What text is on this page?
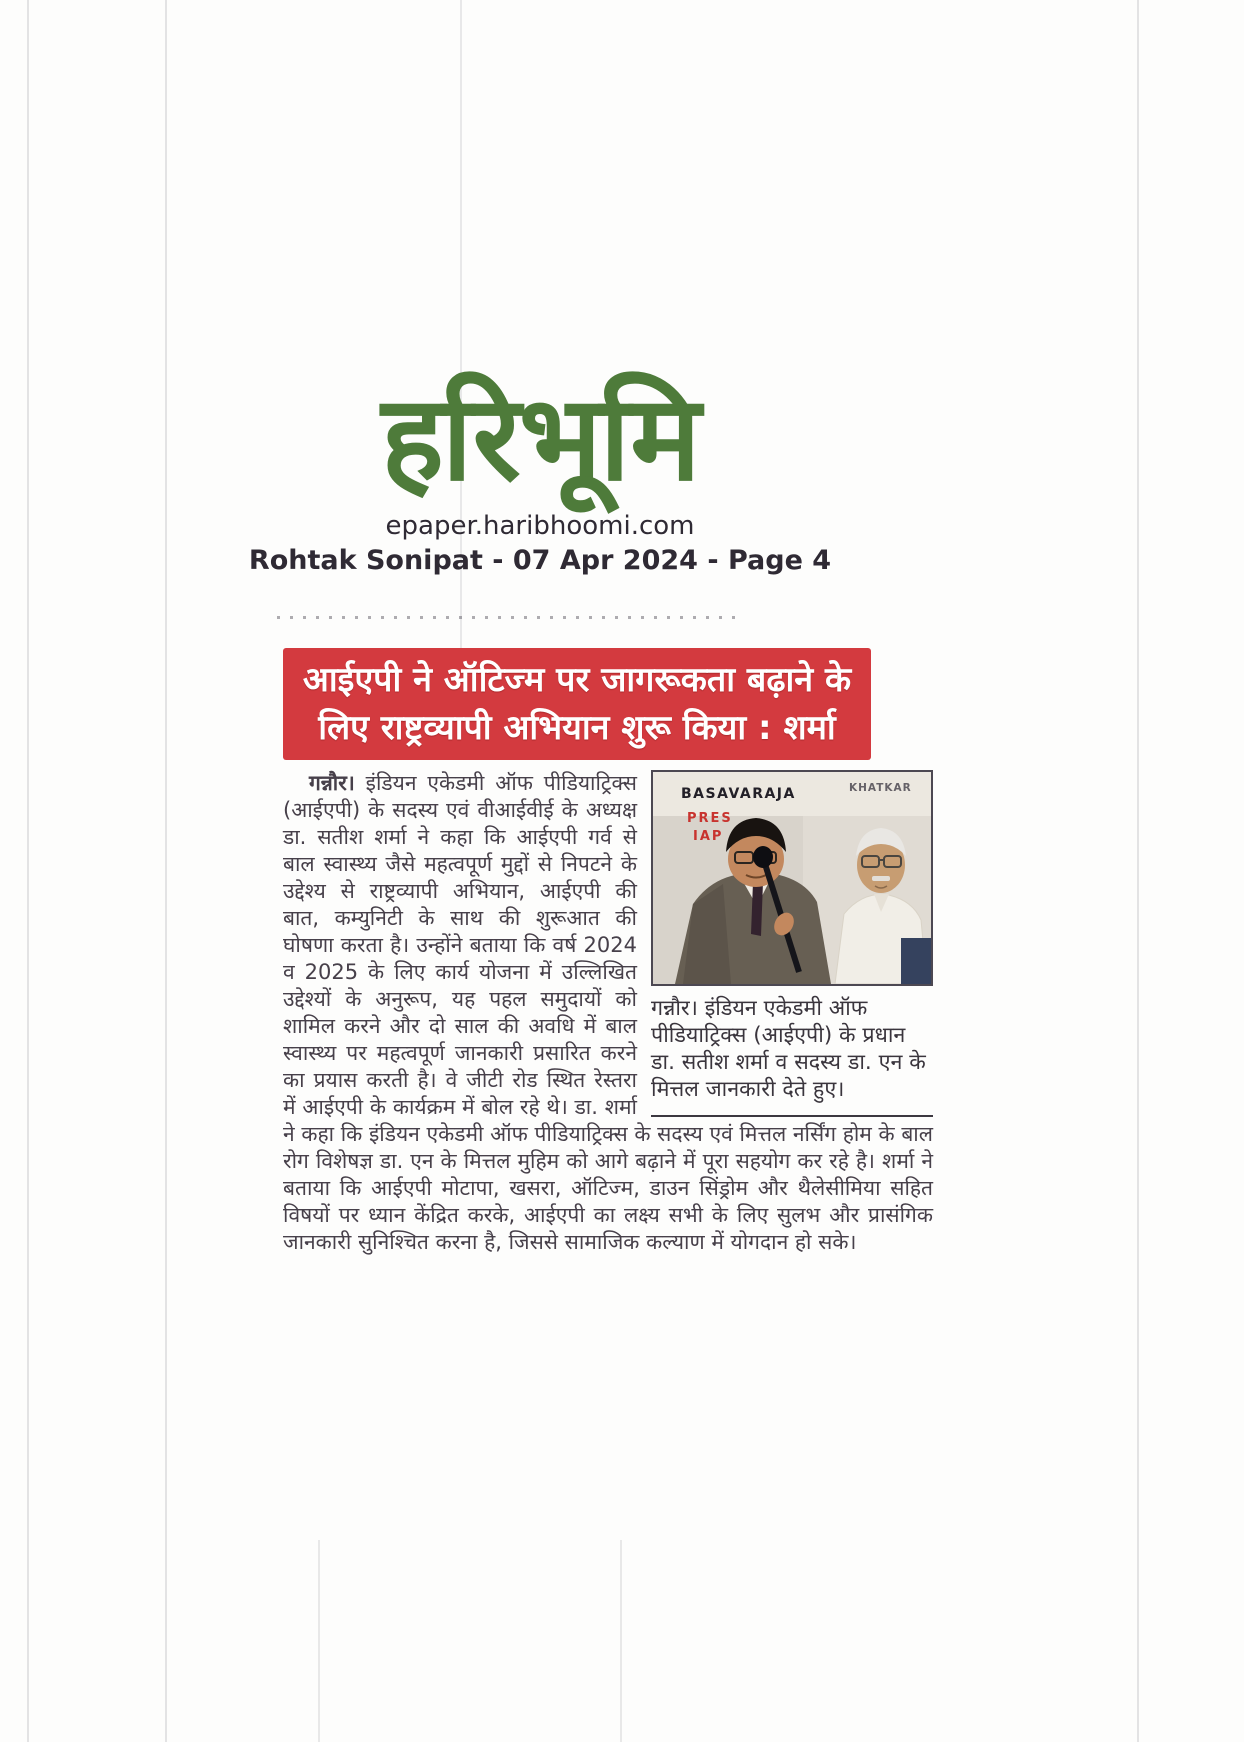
हरिभूमि
epaper.haribhoomi.com
Rohtak Sonipat - 07 Apr 2024 - Page 4
आईएपी ने ऑटिज्म पर जागरूकता बढ़ाने के
लिए राष्ट्रव्यापी अभियान शुरू किया : शर्मा
BASAVARAJA	KHATKAR
PRES
IAP
गन्नौर। इंडियन एकेडमी ऑफ पीडियाट्रिक्स (आईएपी) के प्रधान डा. सतीश शर्मा व सदस्य डा. एन के मित्तल जानकारी देते हुए।

गन्नौर। इंडियन एकेडमी ऑफ पीडियाट्रिक्स (आईएपी) के सदस्य एवं वीआईवीई के अध्यक्ष डा. सतीश शर्मा ने कहा कि आईएपी गर्व से बाल स्वास्थ्य जैसे महत्वपूर्ण मुद्दों से निपटने के उद्देश्य से राष्ट्रव्यापी अभियान, आईएपी की बात, कम्युनिटी के साथ की शुरूआत की घोषणा करता है। उन्होंने बताया कि वर्ष 2024 व 2025 के लिए कार्य योजना में उल्लिखित उद्देश्यों के अनुरूप, यह पहल समुदायों को शामिल करने और दो साल की अवधि में बाल स्वास्थ्य पर महत्वपूर्ण जानकारी प्रसारित करने का प्रयास करती है। वे जीटी रोड स्थित रेस्तरा में आईएपी के कार्यक्रम में बोल रहे थे। डा. शर्मा ने कहा कि इंडियन एकेडमी ऑफ पीडियाट्रिक्स के सदस्य एवं मित्तल नर्सिंग होम के बाल रोग विशेषज्ञ डा. एन के मित्तल मुहिम को आगे बढ़ाने में पूरा सहयोग कर रहे है। शर्मा ने बताया कि आईएपी मोटापा, खसरा, ऑटिज्म, डाउन सिंड्रोम और थैलेसीमिया सहित विषयों पर ध्यान केंद्रित करके, आईएपी का लक्ष्य सभी के लिए सुलभ और प्रासंगिक जानकारी सुनिश्चित करना है, जिससे सामाजिक कल्याण में योगदान हो सके।
